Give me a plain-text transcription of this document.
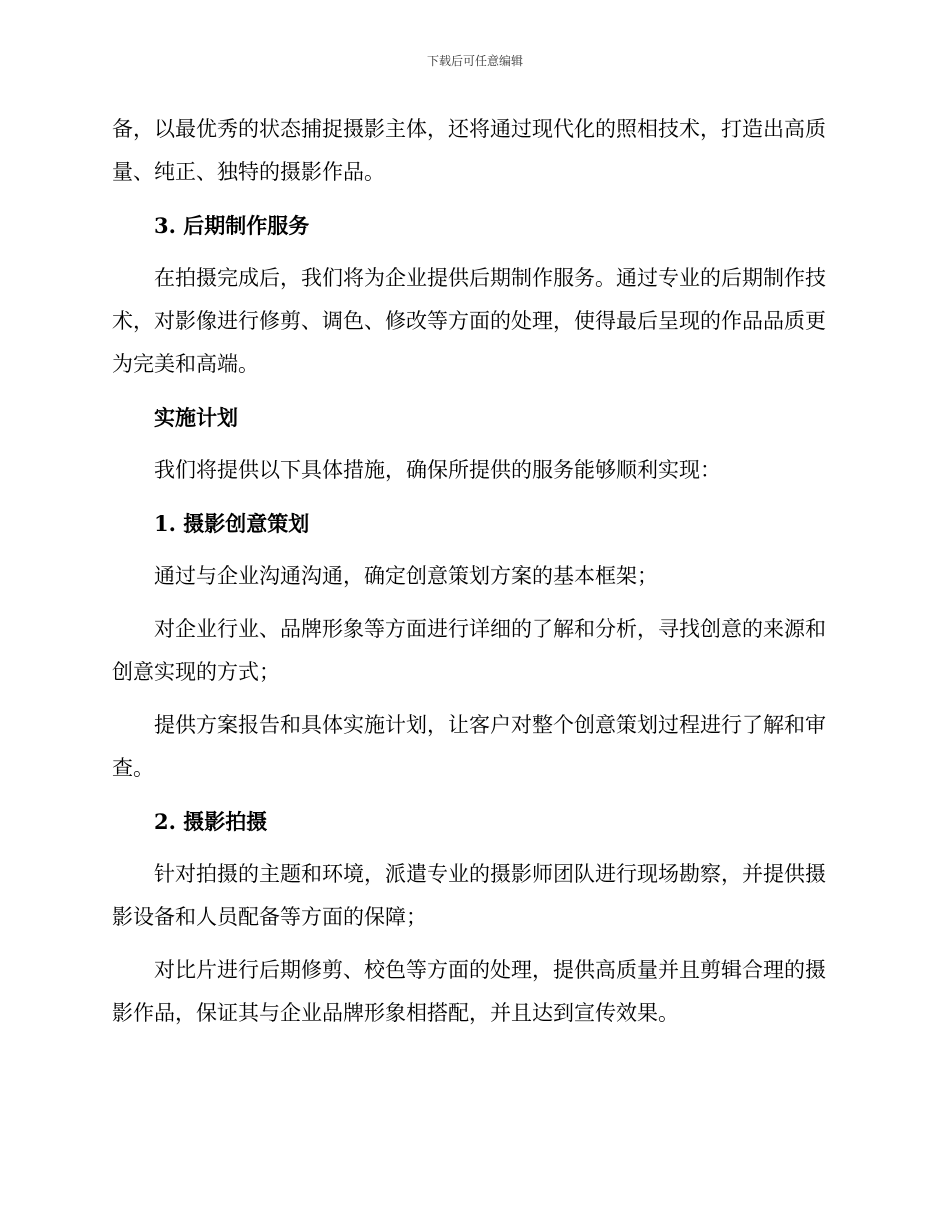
下载后可任意编辑

备，以最优秀的状态捕捉摄影主体，还将通过现代化的照相技术，打造出高质量、纯正、独特的摄影作品。

3. 后期制作服务

在拍摄完成后，我们将为企业提供后期制作服务。通过专业的后期制作技术，对影像进行修剪、调色、修改等方面的处理，使得最后呈现的作品品质更为完美和高端。

实施计划

我们将提供以下具体措施，确保所提供的服务能够顺利实现：

1. 摄影创意策划

通过与企业沟通沟通，确定创意策划方案的基本框架；

对企业行业、品牌形象等方面进行详细的了解和分析，寻找创意的来源和创意实现的方式；

提供方案报告和具体实施计划，让客户对整个创意策划过程进行了解和审查。

2. 摄影拍摄

针对拍摄的主题和环境，派遣专业的摄影师团队进行现场勘察，并提供摄影设备和人员配备等方面的保障；

对比片进行后期修剪、校色等方面的处理，提供高质量并且剪辑合理的摄影作品，保证其与企业品牌形象相搭配，并且达到宣传效果。
